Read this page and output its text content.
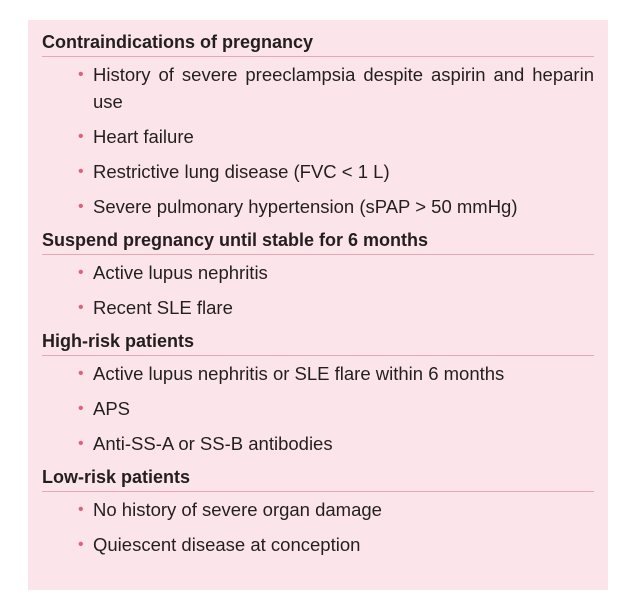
Contraindications of pregnancy
• History of severe preeclampsia despite aspirin and heparin use
• Heart failure
• Restrictive lung disease (FVC < 1 L)
• Severe pulmonary hypertension (sPAP > 50 mmHg)
Suspend pregnancy until stable for 6 months
• Active lupus nephritis
• Recent SLE flare
High-risk patients
• Active lupus nephritis or SLE flare within 6 months
• APS
• Anti-SS-A or SS-B antibodies
Low-risk patients
• No history of severe organ damage
• Quiescent disease at conception
